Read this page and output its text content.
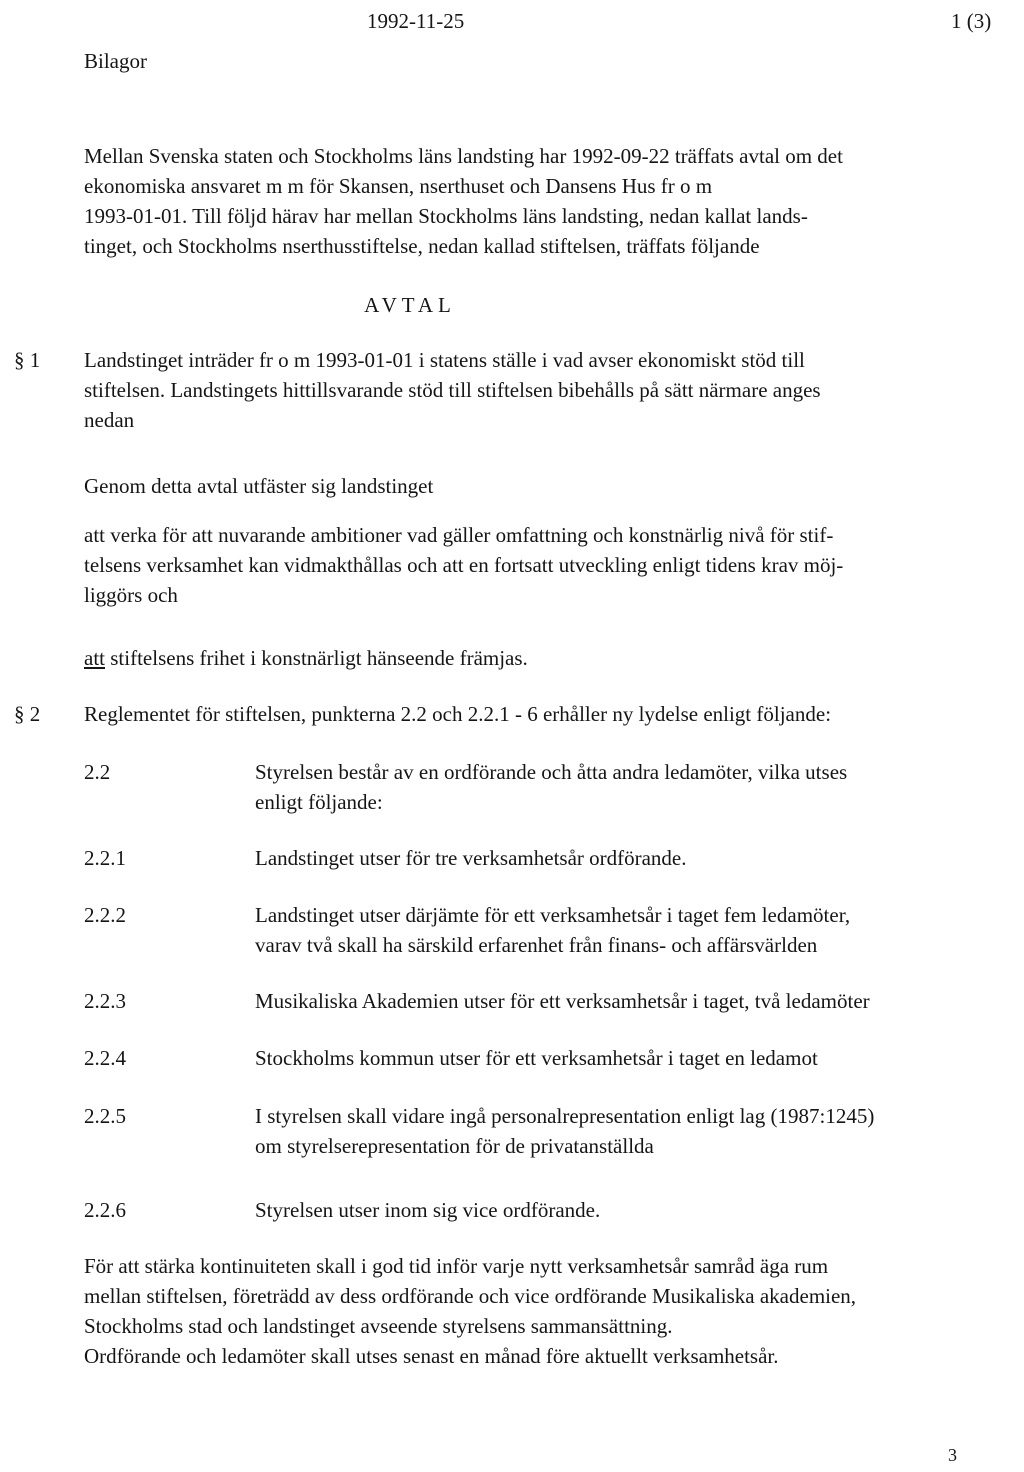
1992-11-25	1 (3)
Bilagor
Mellan Svenska staten och Stockholms läns landsting har 1992-09-22 träffats avtal om det
ekonomiska ansvaret m m för Skansen, nserthuset och Dansens Hus fr o m
1993-01-01. Till följd härav har mellan Stockholms läns landsting, nedan kallat lands-
tinget, och Stockholms nserthusstiftelse, nedan kallad stiftelsen, träffats följande
AVTAL
§ 1 Landstinget inträder fr o m 1993-01-01 i statens ställe i vad avser ekonomiskt stöd till
stiftelsen. Landstingets hittillsvarande stöd till stiftelsen bibehålls på sätt närmare anges
nedan
Genom detta avtal utfäster sig landstinget
att verka för att nuvarande ambitioner vad gäller omfattning och konstnärlig nivå för stif-
telsens verksamhet kan vidmakthållas och att en fortsatt utveckling enligt tidens krav möj-
liggörs och
att stiftelsens frihet i konstnärligt hänseende främjas.
§ 2 Reglementet för stiftelsen, punkterna 2.2 och 2.2.1 - 6 erhåller ny lydelse enligt följande:
2.2	Styrelsen består av en ordförande och åtta andra ledamöter, vilka utses
enligt följande:
2.2.1	Landstinget utser för tre verksamhetsår ordförande.
2.2.2	Landstinget utser därjämte för ett verksamhetsår i taget fem ledamöter,
varav två skall ha särskild erfarenhet från finans- och affärsvärlden
2.2.3	Musikaliska Akademien utser för ett verksamhetsår i taget, två ledamöter
2.2.4	Stockholms kommun utser för ett verksamhetsår i taget en ledamot
2.2.5	I styrelsen skall vidare ingå personalrepresentation enligt lag (1987:1245)
om styrelserepresentation för de privatanställda
2.2.6	Styrelsen utser inom sig vice ordförande.
För att stärka kontinuiteten skall i god tid inför varje nytt verksamhetsår samråd äga rum
mellan stiftelsen, företrädd av dess ordförande och vice ordförande Musikaliska akademien,
Stockholms stad och landstinget avseende styrelsens sammansättning.
Ordförande och ledamöter skall utses senast en månad före aktuellt verksamhetsår.
3
